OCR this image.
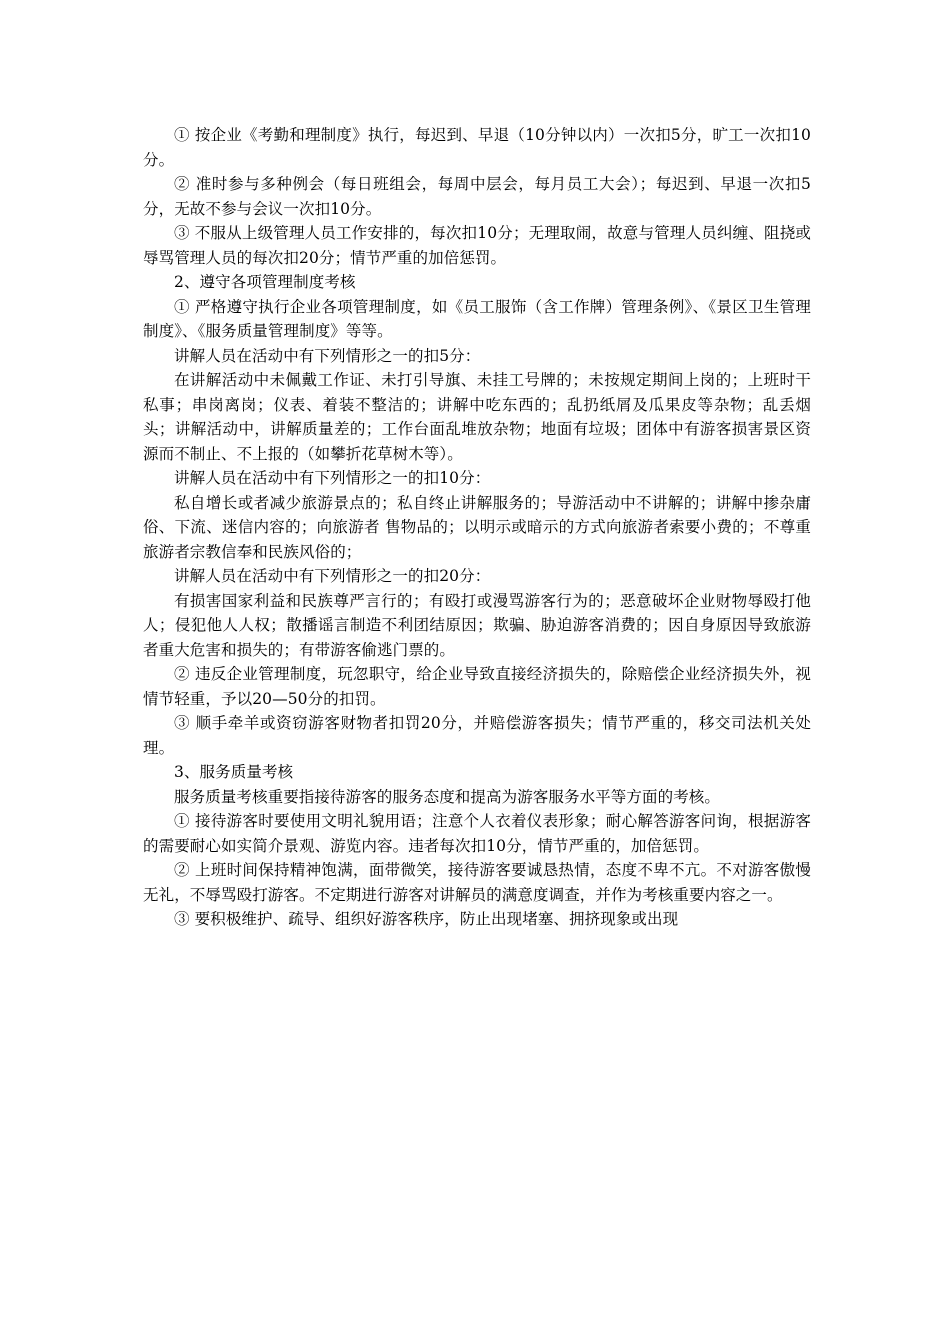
① 按企业《考勤和理制度》执行，每迟到、早退（10分钟以内）一次扣5分，旷工一次扣10分。

② 准时参与多种例会（每日班组会，每周中层会，每月员工大会）；每迟到、早退一次扣5分，无故不参与会议一次扣10分。

③ 不服从上级管理人员工作安排的，每次扣10分；无理取闹，故意与管理人员纠缠、阻挠或辱骂管理人员的每次扣20分；情节严重的加倍惩罚。

2、遵守各项管理制度考核

① 严格遵守执行企业各项管理制度，如《员工服饰（含工作牌）管理条例》、《景区卫生管理制度》、《服务质量管理制度》等等。

讲解人员在活动中有下列情形之一的扣5分：

在讲解活动中未佩戴工作证、未打引导旗、未挂工号牌的；未按规定期间上岗的；上班时干私事；串岗离岗；仪表、着装不整洁的；讲解中吃东西的；乱扔纸屑及瓜果皮等杂物；乱丢烟头；讲解活动中，讲解质量差的；工作台面乱堆放杂物；地面有垃圾；团体中有游客损害景区资源而不制止、不上报的（如攀折花草树木等）。

讲解人员在活动中有下列情形之一的扣10分：

私自增长或者减少旅游景点的；私自终止讲解服务的；导游活动中不讲解的；讲解中掺杂庸俗、下流、迷信内容的；向旅游者 售物品的；以明示或暗示的方式向旅游者索要小费的；不尊重旅游者宗教信奉和民族风俗的；

讲解人员在活动中有下列情形之一的扣20分：

有损害国家利益和民族尊严言行的；有殴打或漫骂游客行为的；恶意破坏企业财物辱殴打他人；侵犯他人人权；散播谣言制造不利团结原因；欺骗、胁迫游客消费的；因自身原因导致旅游者重大危害和损失的；有带游客偷逃门票的。

② 违反企业管理制度，玩忽职守，给企业导致直接经济损失的，除赔偿企业经济损失外，视情节轻重，予以20—50分的扣罚。

③ 顺手牵羊或资窃游客财物者扣罚20分，并赔偿游客损失；情节严重的，移交司法机关处理。

3、服务质量考核

服务质量考核重要指接待游客的服务态度和提高为游客服务水平等方面的考核。

① 接待游客时要使用文明礼貌用语；注意个人衣着仪表形象；耐心解答游客问询，根据游客的需要耐心如实简介景观、游览内容。违者每次扣10分，情节严重的，加倍惩罚。

② 上班时间保持精神饱满，面带微笑，接待游客要诚恳热情，态度不卑不亢。不对游客傲慢无礼，不辱骂殴打游客。不定期进行游客对讲解员的满意度调查，并作为考核重要内容之一。

③ 要积极维护、疏导、组织好游客秩序，防止出现堵塞、拥挤现象或出现
